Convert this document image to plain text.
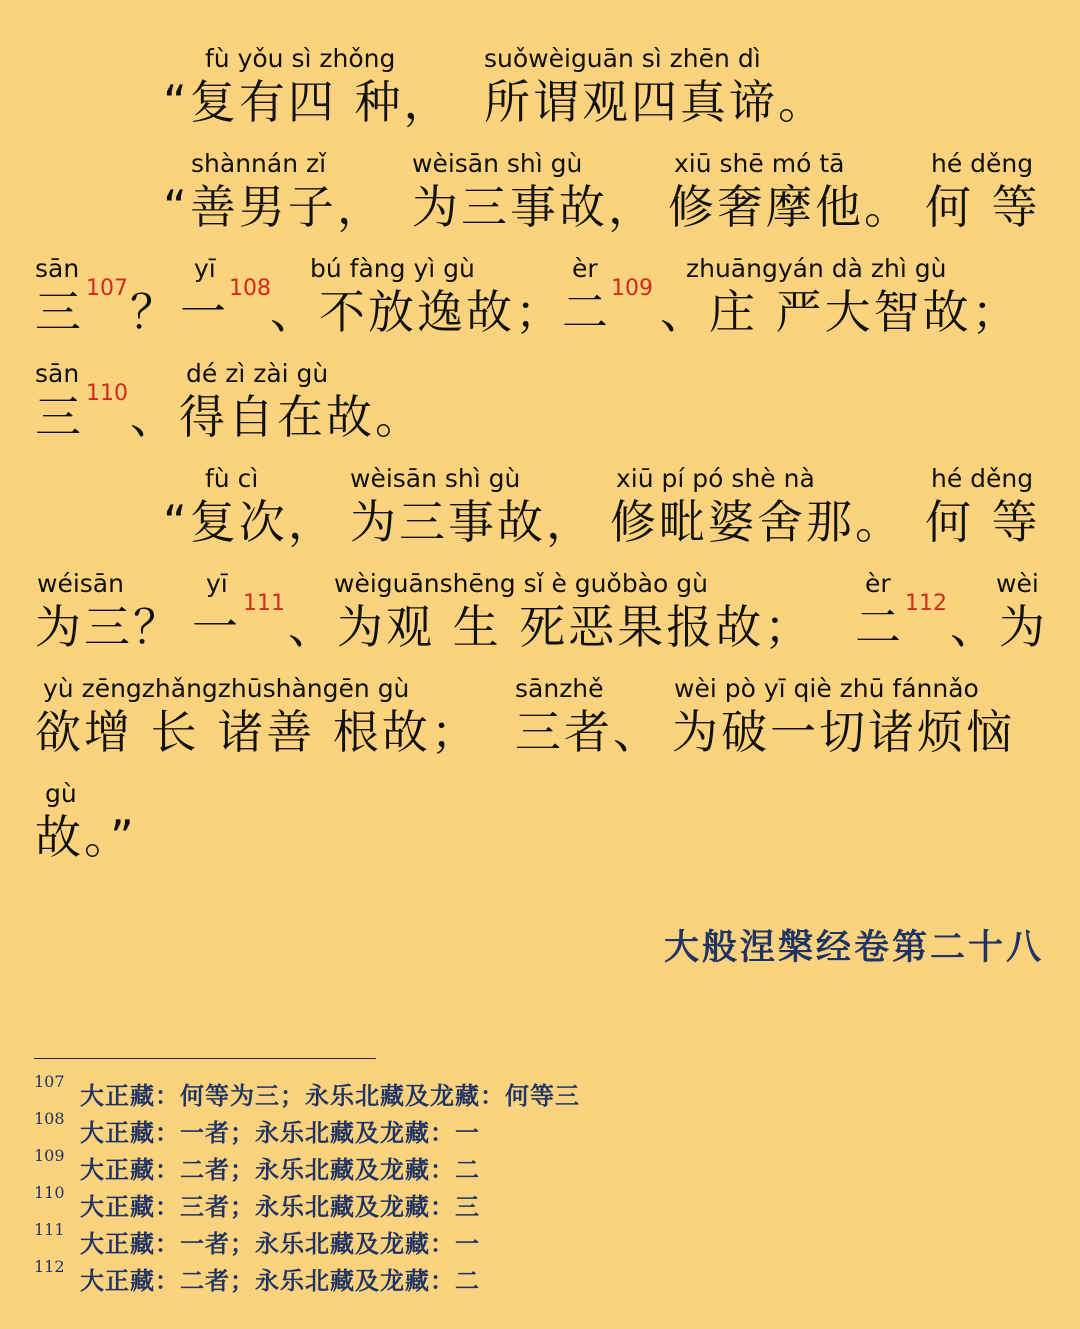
fù yǒu sì zhǒng
“复有四 种，
suǒwèiguān sì zhēn dì
所谓观四真谛。
shànnán zǐ
“善男子，
wèisān shì gù
为三事故，
xiū shē mó tā
修奢摩他。
hé děng
何 等
sān
三 107 ？
yī
一 108
bú fàng yì gù
、不放逸故；
èr
二 109
zhuāngyán dà zhì gù
、庄 严大智故；
sān
三 110
dé zì zài gù
、得自在故。
fù cì
“复次，
wèisān shì gù
为三事故，
xiū pí pó shè nà
修毗婆舍那。
hé děng
何 等
wéisān
为三？
yī
一 111
wèiguānshēng sǐ è guǒbào gù
、为观 生 死恶果报故；
èr
二 112
wèi
、为
yù zēngzhǎngzhūshàngēn gù
欲增 长 诸善 根故；
sānzhě
三者、
wèi pò yī qiè zhū fánnǎo
为破一切诸烦恼
gù
故。”
大般涅槃经卷第二十八
107 大正藏：何等为三；永乐北藏及龙藏：何等三
108 大正藏：一者；永乐北藏及龙藏：一
109 大正藏：二者；永乐北藏及龙藏：二
110 大正藏：三者；永乐北藏及龙藏：三
111 大正藏：一者；永乐北藏及龙藏：一
112 大正藏：二者；永乐北藏及龙藏：二
